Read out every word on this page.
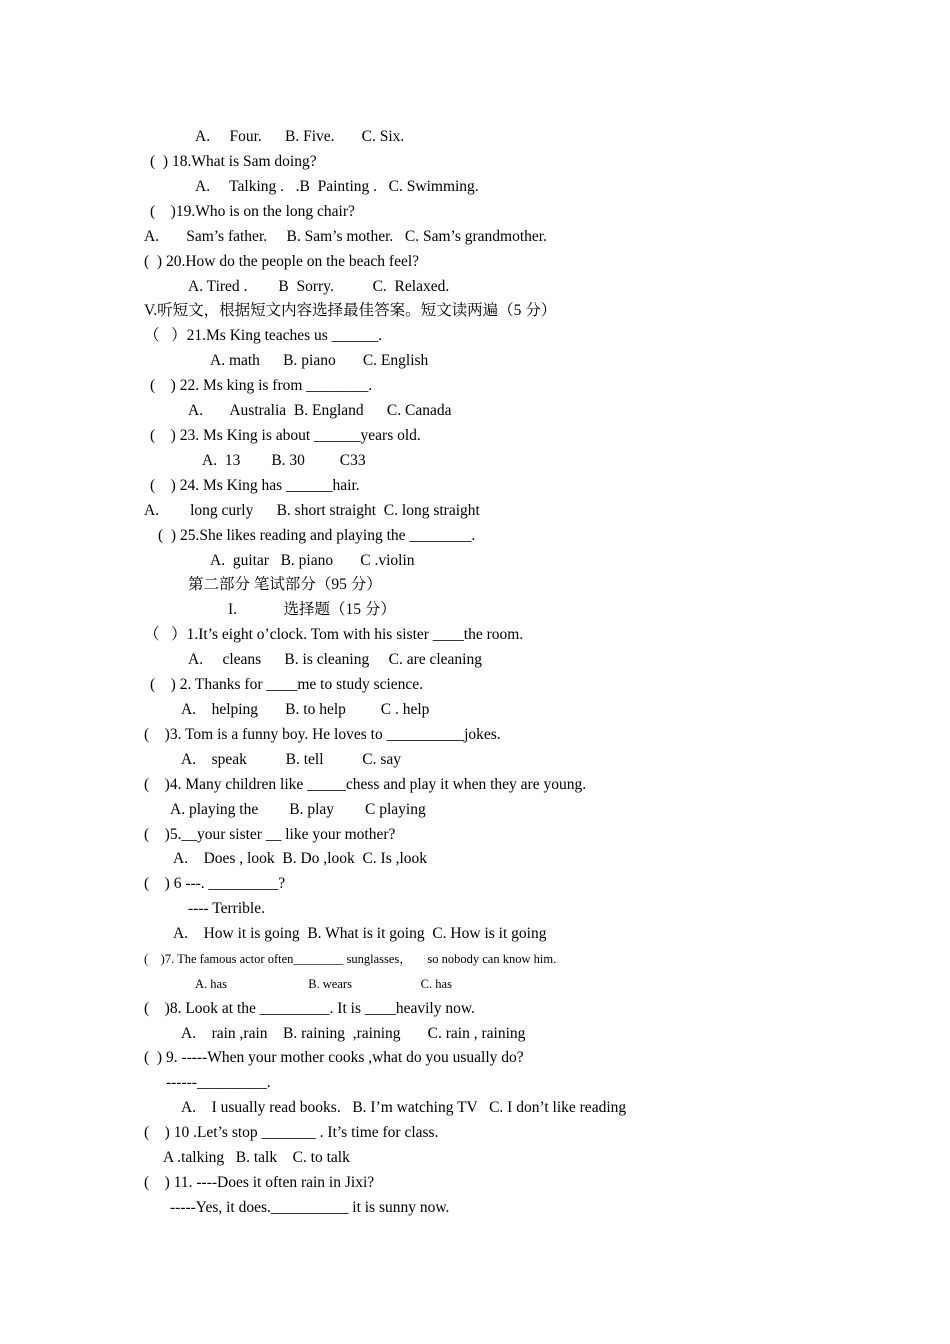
A.     Four.      B. Five.       C. Six.
(  ) 18.What is Sam doing?
A.     Talking .   .B  Painting .   C. Swimming.
(    )19.Who is on the long chair?
A.       Sam’s father.     B. Sam’s mother.   C. Sam’s grandmother.
(  ) 20.How do the people on the beach feel?
A. Tired .        B  Sorry.          C.  Relaxed.
V.听短文，根据短文内容选择最佳答案。短文读两遍（5 分）
（   ）21.Ms King teaches us ______.
A. math      B. piano       C. English
(    ) 22. Ms king is from ________.
A.       Australia  B. England      C. Canada
(    ) 23. Ms King is about ______years old.
A.  13        B. 30         C33
(    ) 24. Ms King has ______hair.
A.        long curly      B. short straight  C. long straight
(  ) 25.She likes reading and playing the ________.
A.  guitar   B. piano       C .violin
第二部分 笔试部分（95 分）
I.            选择题（15 分）
（   ）1.It’s eight o’clock. Tom with his sister ____the room.
A.     cleans      B. is cleaning     C. are cleaning
(    ) 2. Thanks for ____me to study science.
A.    helping       B. to help         C . help
(    )3. Tom is a funny boy. He loves to __________jokes.
A.    speak          B. tell          C. say
(    )4. Many children like _____chess and play it when they are young.
A. playing the        B. play        C playing
(    )5.__your sister __ like your mother?
A.    Does , look  B. Do ,look  C. Is ,look
(    ) 6 ---. _________?
---- Terrible.
A.    How it is going  B. What is it going  C. How is it going
(    )7. The famous actor often________ sunglasses，     so nobody can know him.
A. has                          B. wears                      C. has
(    )8. Look at the _________. It is ____heavily now.
A.    rain ,rain    B. raining  ,raining       C. rain , raining
(  ) 9. -----When your mother cooks ,what do you usually do?
------_________.
A.    I usually read books.   B. I’m watching TV   C. I don’t like reading
(    ) 10 .Let’s stop _______ . It’s time for class.
A .talking   B. talk    C. to talk
(    ) 11. ----Does it often rain in Jixi?
-----Yes, it does.__________ it is sunny now.
